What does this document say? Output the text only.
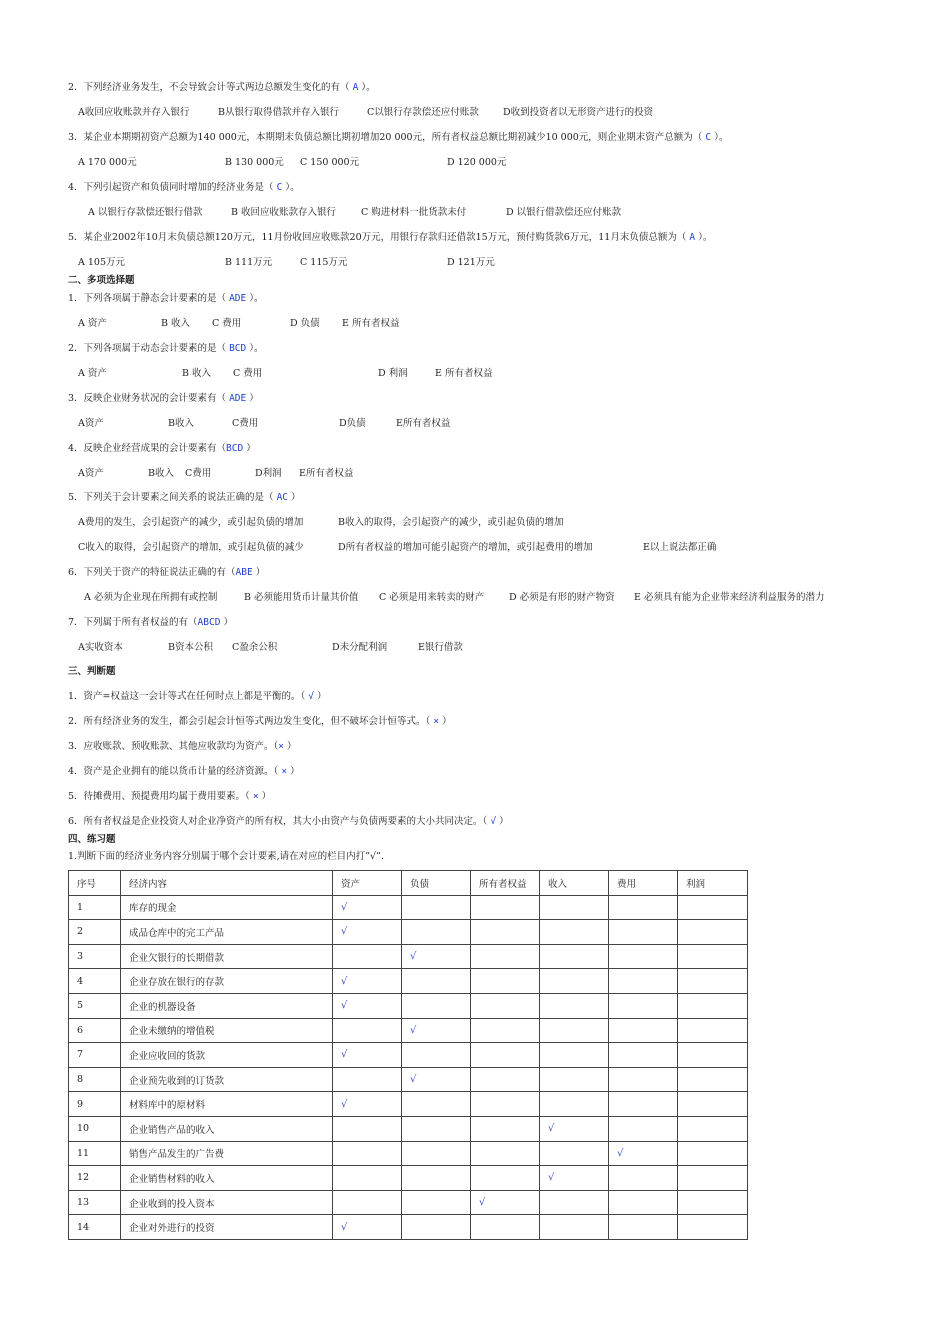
2．下列经济业务发生，不会导致会计等式两边总额发生变化的有（ A ）。
A收回应收账款并存入银行	B从银行取得借款并存入银行	C以银行存款偿还应付账款	D收到投资者以无形资产进行的投资
3．某企业本期期初资产总额为140 000元，本期期末负债总额比期初增加20 000元，所有者权益总额比期初减少10 000元，则企业期末资产总额为（ C ）。
A 170 000元	B 130 000元 C 150 000元	D 120 000元
4．下列引起资产和负债同时增加的经济业务是（ C ）。
A 以银行存款偿还银行借款	B 收回应收账款存入银行	C 购进材料一批货款未付	D 以银行借款偿还应付账款
5．某企业2002年10月末负债总额120万元，11月份收回应收账款20万元，用银行存款归还借款15万元，预付购货款6万元，11月末负债总额为（ A ）。
A 105万元	B 111万元	C 115万元	D 121万元
二、多项选择题
1．下列各项属于静态会计要素的是（ ADE ）。
A 资产	B 收入 C 费用	D 负债 E 所有者权益
2．下列各项属于动态会计要素的是（ BCD ）。
A 资产	B 收入 C 费用	D 利润	E 所有者权益
3．反映企业财务状况的会计要素有（ ADE ）
A资产	B收入	C费用	D负债	E所有者权益
4．反映企业经营成果的会计要素有（BCD ）
A资产	B收入 C费用	D利润 E所有者权益
5．下列关于会计要素之间关系的说法正确的是（ AC ）
A费用的发生，会引起资产的减少，或引起负债的增加	B收入的取得，会引起资产的减少，或引起负债的增加
C收入的取得，会引起资产的增加，或引起负债的减少	D所有者权益的增加可能引起资产的增加，或引起费用的增加	E以上说法都正确
6．下列关于资产的特征说法正确的有（ABE ）
A 必须为企业现在所拥有或控制	B 必须能用货币计量其价值 C 必须是用来转卖的财产	D 必须是有形的财产物资 E 必须具有能为企业带来经济利益服务的潜力
7．下列属于所有者权益的有（ABCD ）
A实收资本	B资本公积 C盈余公积	D未分配利润	E银行借款
三、判断题
1．资产=权益这一会计等式在任何时点上都是平衡的。（ √ ）
2．所有经济业务的发生，都会引起会计恒等式两边发生变化，但不破坏会计恒等式。（ × ）
3．应收账款、预收账款、其他应收款均为资产。（× ）
4．资产是企业拥有的能以货币计量的经济资源。（ × ）
5．待摊费用、预提费用均属于费用要素。（ × ）
6．所有者权益是企业投资人对企业净资产的所有权，其大小由资产与负债两要素的大小共同决定。（ √ ）
四、练习题
1.判断下面的经济业务内容分别属于哪个会计要素,请在对应的栏目内打”√”.
序号	经济内容	资产	负债	所有者权益	收入	费用	利润
1	库存的现金	√					
2	成品仓库中的完工产品	√					
3	企业欠银行的长期借款		√				
4	企业存放在银行的存款	√					
5	企业的机器设备	√					
6	企业未缴纳的增值税		√				
7	企业应收回的货款	√					
8	企业预先收到的订货款		√				
9	材料库中的原材料	√					
10	企业销售产品的收入				√		
11	销售产品发生的广告费					√	
12	企业销售材料的收入				√		
13	企业收到的投入资本			√			
14	企业对外进行的投资	√					
